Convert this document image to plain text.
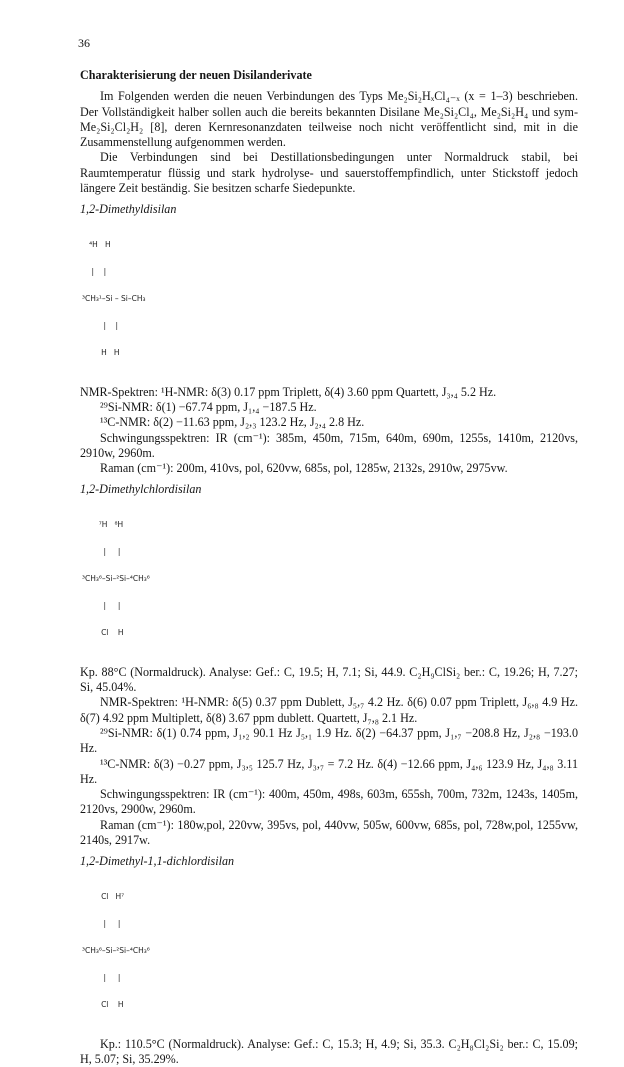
36
Charakterisierung der neuen Disilanderivate

Im Folgenden werden die neuen Verbindungen des Typs Me₂Si₂HₓCl₄₋ₓ (x = 1–3) beschrieben. Der Vollständigkeit halber sollen auch die bereits bekannten Disilane Me₂Si₂Cl₄, Me₂Si₂H₄ und sym-Me₂Si₂Cl₂H₂ [8], deren Kernresonanzdaten teilweise noch nicht veröffentlicht sind, mit in die Zusammenstellung aufgenommen werden.

Die Verbindungen sind bei Destillationsbedingungen unter Normaldruck stabil, bei Raumtemperatur flüssig und stark hydrolyse- und sauerstoffempfindlich, unter Stickstoff jedoch längere Zeit beständig. Sie besitzen scharfe Siedepunkte.

1,2-Dimethyldisilan

⁴H   H

|    |

³CH₃¹–Si – Si–CH₃

|    |

H   H

NMR-Spektren: ¹H-NMR: δ(3) 0.17 ppm Triplett, δ(4) 3.60 ppm Quartett, J₃,₄ 5.2 Hz.

²⁹Si-NMR: δ(1) −67.74 ppm, J₁,₄ −187.5 Hz.

¹³C-NMR: δ(2) −11.63 ppm, J₂,₃ 123.2 Hz, J₂,₄ 2.8 Hz.

Schwingungsspektren: IR (cm⁻¹): 385m, 450m, 715m, 640m, 690m, 1255s, 1410m, 2120vs, 2910w, 2960m.

Raman (cm⁻¹): 200m, 410vs, pol, 620vw, 685s, pol, 1285w, 2132s, 2910w, 2975vw.

1,2-Dimethylchlordisilan

⁷H   ⁸H

|     |

³CH₃⁶–Si–²Si–⁴CH₃⁶

|     |

Cl    H

Kp. 88°C (Normaldruck). Analyse: Gef.: C, 19.5; H, 7.1; Si, 44.9. C₂H₉ClSi₂ ber.: C, 19.26; H, 7.27; Si, 45.04%.

NMR-Spektren: ¹H-NMR: δ(5) 0.37 ppm Dublett, J₅,₇ 4.2 Hz. δ(6) 0.07 ppm Triplett, J₆,₈ 4.9 Hz. δ(7) 4.92 ppm Multiplett, δ(8) 3.67 ppm dublett. Quartett, J₇,₈ 2.1 Hz.

²⁹Si-NMR: δ(1) 0.74 ppm, J₁,₂ 90.1 Hz J₅,₁ 1.9 Hz. δ(2) −64.37 ppm, J₁,₇ −208.8 Hz, J₂,₈ −193.0 Hz.

¹³C-NMR: δ(3) −0.27 ppm, J₃,₅ 125.7 Hz, J₃,₇ = 7.2 Hz. δ(4) −12.66 ppm, J₄,₆ 123.9 Hz, J₄,₈ 3.11 Hz.

Schwingungsspektren: IR (cm⁻¹): 400m, 450m, 498s, 603m, 655sh, 700m, 732m, 1243s, 1405m, 2120vs, 2900w, 2960m.

Raman (cm⁻¹): 180w,pol, 220vw, 395vs, pol, 440vw, 505w, 600vw, 685s, pol, 728w,pol, 1255vw, 2140s, 2917w.

1,2-Dimethyl-1,1-dichlordisilan

Cl   H⁷

|     |

³CH₃⁶–Si–²Si–⁴CH₃⁶

|     |

Cl    H

Kp.: 110.5°C (Normaldruck). Analyse: Gef.: C, 15.3; H, 4.9; Si, 35.3. C₂H₈Cl₂Si₂ ber.: C, 15.09; H, 5.07; Si, 35.29%.
